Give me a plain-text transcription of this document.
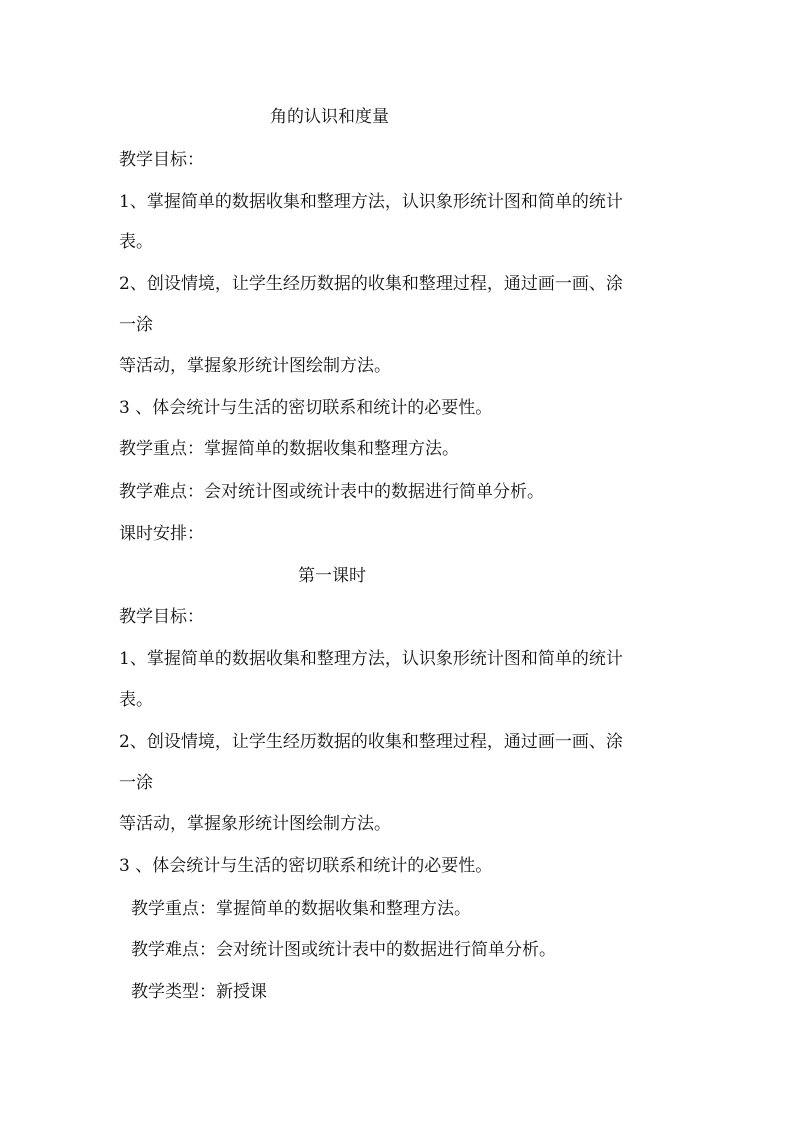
角的认识和度量
教学目标：
1、掌握简单的数据收集和整理方法，认识象形统计图和简单的统计
表。
2、创设情境，让学生经历数据的收集和整理过程，通过画一画、涂
一涂
等活动，掌握象形统计图绘制方法。
3 、体会统计与生活的密切联系和统计的必要性。
教学重点：掌握简单的数据收集和整理方法。
教学难点：会对统计图或统计表中的数据进行简单分析。
课时安排：
第一课时
教学目标：
1、掌握简单的数据收集和整理方法，认识象形统计图和简单的统计
表。
2、创设情境，让学生经历数据的收集和整理过程，通过画一画、涂
一涂
等活动，掌握象形统计图绘制方法。
3 、体会统计与生活的密切联系和统计的必要性。
教学重点：掌握简单的数据收集和整理方法。
教学难点：会对统计图或统计表中的数据进行简单分析。
教学类型：新授课
